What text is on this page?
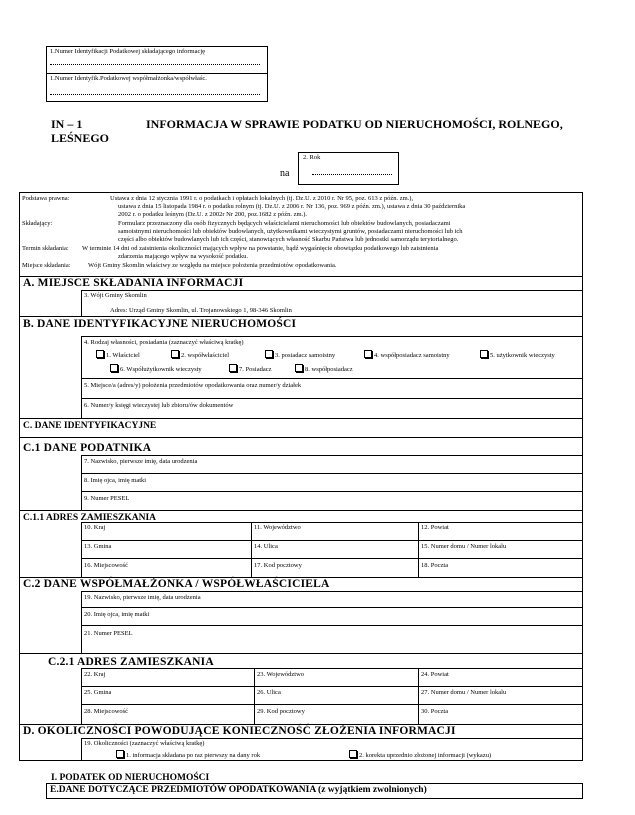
1.Numer Identyfikacji Podatkowej składającego informację
1.Numer Identyfik.Podatkowej współmałżonka/współwłaśc.
IN – 1	INFORMACJA W SPRAWIE PODATKU OD NIERUCHOMOŚCI, ROLNEGO,
LEŚNEGO
na
2. Rok
Podstawa prawna:	Ustawa z dnia 12 stycznia 1991 r. o podatkach i opłatach lokalnych (tj. Dz.U. z 2010 r. Nr 95, poz. 613 z późn. zm.),
ustawa z dnia 15 listopada 1984 r. o podatku rolnym (tj. Dz.U. z 2006 r. Nr 136, poz. 969 z późn. zm.), ustawa z dnia 30 października
2002 r. o podatku leśnym (Dz.U. z 2002r Nr 200, poz.1682 z późn. zm.).
Składający:	Formularz przeznaczony dla osób fizycznych będących właścicielami nieruchomości lub obiektów budowlanych, posiadaczami
samoistnymi nieruchomości lub obiektów budowlanych, użytkownikami wieczystymi gruntów, posiadaczami nieruchomości lub ich
części albo obiektów budowlanych lub ich części, stanowiących własność Skarbu Państwa lub jednostki samorządu terytorialnego.
Termin składania: W terminie 14 dni od zaistnienia okoliczności mających wpływ na powstanie, bądź wygaśnięcie obowiązku podatkowego lub zaistnienia
zdarzenia mającego wpływ na wysokość podatku.
Miejsce składania:	Wójt Gminy Skomlin właściwy ze względu na miejsce położenia przedmiotów opodatkowania.
A. MIEJSCE SKŁADANIA INFORMACJI
3. Wójt Gminy Skomlin
Adres: Urząd Gminy Skomlin, ul. Trojanowskiego 1, 98-346 Skomlin
B. DANE IDENTYFIKACYJNE NIERUCHOMOŚCI
4. Rodzaj własności, posiadania (zaznaczyć właściwą kratkę)
1. Właściciel	2. współwłaściciel	3. posiadacz samoistny	4. współposiadacz samoistny	5. użytkownik wieczysty
6. Współużytkownik wieczysty	7. Posiadacz	8. współposiadacz
5. Miejsce/a (adres/y) położenia przedmiotów opodatkowania oraz numer/y działek
6. Numer/y księgi wieczystej lub zbioru/ów dokumentów
C. DANE IDENTYFIKACYJNE
C.1 DANE PODATNIKA
7. Nazwisko, pierwsze imię, data urodzenia
8. Imię ojca, imię matki
9. Numer PESEL
C.1.1 ADRES ZAMIESZKANIA
10. Kraj	11. Województwo	12. Powiat
13. Gmina	14. Ulica	15. Numer domu / Numer lokalu
16. Miejscowość	17. Kod pocztowy	18. Poczta
C.2 DANE WSPÓŁMAŁŻONKA / WSPÓŁWŁAŚCICIELA
19. Nazwisko, pierwsze imię, data urodzenia
20. Imię ojca, imię matki
21. Numer PESEL
C.2.1 ADRES ZAMIESZKANIA
22. Kraj	23. Województwo	24. Powiat
25. Gmina	26. Ulica	27. Numer domu / Numer lokalu
28. Miejscowość	29. Kod pocztowy	30. Poczta
D. OKOLICZNOŚCI POWODUJĄCE KONIECZNOŚĆ ZŁOŻENIA INFORMACJI
19. Okoliczności (zaznaczyć właściwą kratkę)
1. informacja składana po raz pierwszy na dany rok	2. korekta uprzednio złożonej informacji (wykazu)
I. PODATEK OD NIERUCHOMOŚCI
E.DANE DOTYCZĄCE PRZEDMIOTÓW OPODATKOWANIA (z wyjątkiem zwolnionych)
